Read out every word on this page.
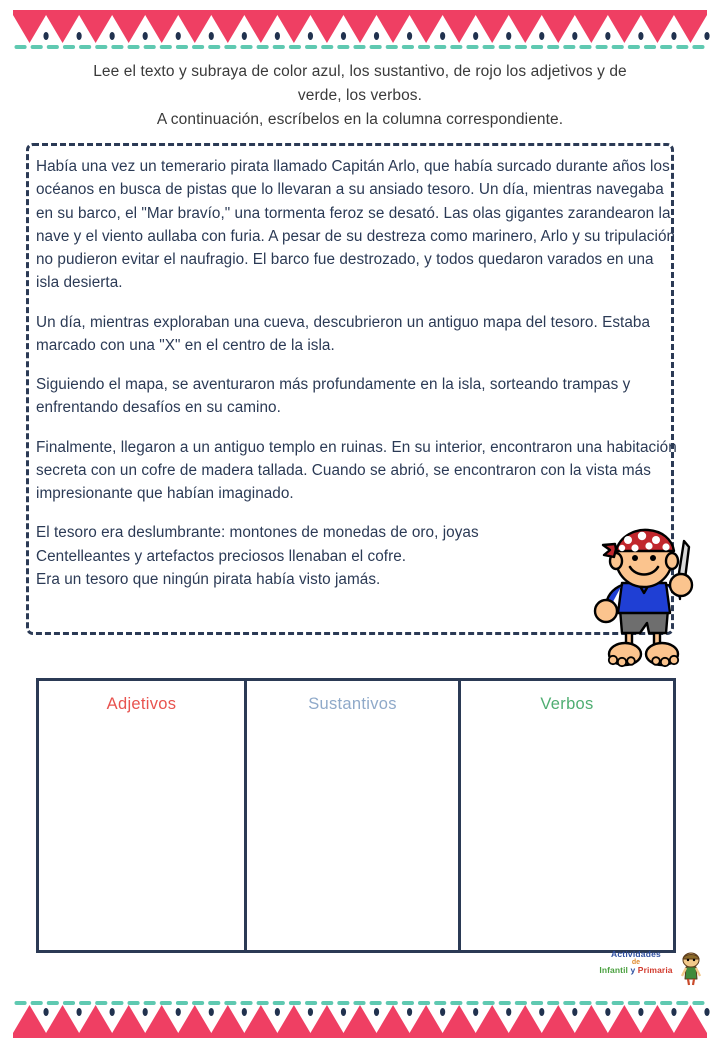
Lee el texto y subraya de color azul, los sustantivo, de rojo los adjetivos y de
verde, los verbos.
A continuación, escríbelos en la columna correspondiente.

Había una vez un temerario pirata llamado Capitán Arlo, que había surcado durante años los océanos en busca de pistas que lo llevaran a su ansiado tesoro. Un día, mientras navegaba en su barco, el "Mar bravío," una tormenta feroz se desató. Las olas gigantes zarandearon la nave y el viento aullaba con furia. A pesar de su destreza como marinero, Arlo y su tripulación no pudieron evitar el naufragio. El barco fue destrozado, y todos quedaron varados en una isla desierta.

Un día, mientras exploraban una cueva, descubrieron un antiguo mapa del tesoro. Estaba marcado con una "X" en el centro de la isla.

Siguiendo el mapa, se aventuraron más profundamente en la isla, sorteando trampas y enfrentando desafíos en su camino.

Finalmente, llegaron a un antiguo templo en ruinas. En su interior, encontraron una habitación secreta con un cofre de madera tallada. Cuando se abrió, se encontraron con la vista más impresionante que habían imaginado.

El tesoro era deslumbrante: montones de monedas de oro, joyas

Centelleantes y artefactos preciosos llenaban el cofre.

Era un tesoro que ningún pirata había visto jamás.

Adjetivos	Sustantivos	Verbos
Actividades
de
Infantil y Primaria
